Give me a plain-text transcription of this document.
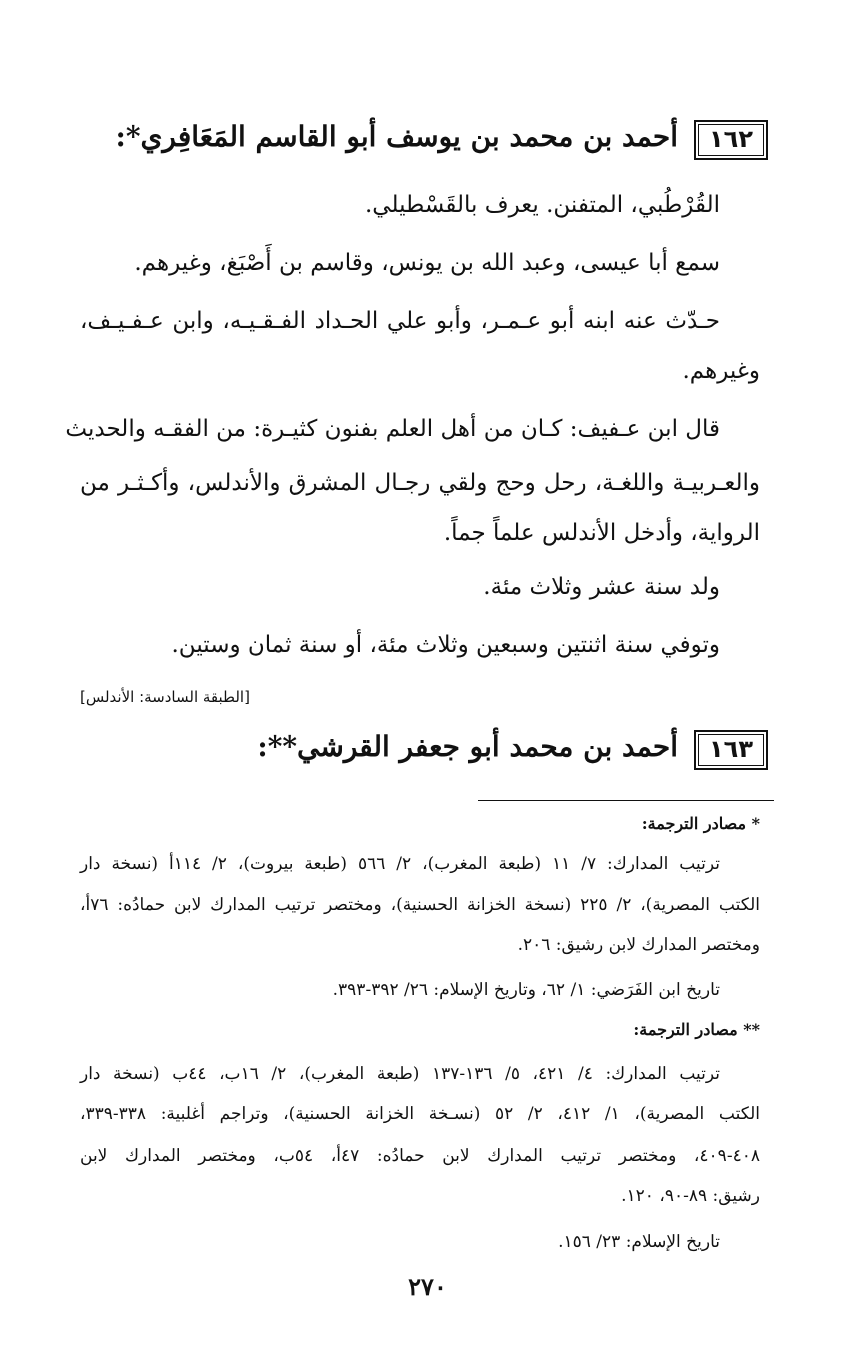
١٦٢
أحمد بن محمد بن يوسف أبو القاسم المَعَافِري*:
القُرْطُبي، المتفنن. يعرف بالقَسْطيلي.
سمع أبا عيسى، وعبد الله بن يونس، وقاسم بن أَصْبَغ، وغيرهم.
حـدّث عنه ابنه أبو عـمـر، وأبو علي الحـداد الفـقـيـه، وابن عـفـيـف،
وغيرهم.
قال ابن عـفيف: كـان من أهل العلم بفنون كثيـرة: من الفقـه والحديث
والعـربيـة واللغـة، رحل وحج ولقي رجـال المشرق والأندلس، وأكـثـر من
الرواية، وأدخل الأندلس علماً جماً.
ولد سنة عشر وثلاث مئة.
وتوفي سنة اثنتين وسبعين وثلاث مئة، أو سنة ثمان وستين.
[الطبقة السادسة: الأندلس]
١٦٣
أحمد بن محمد أبو جعفر القرشي**:
* مصادر الترجمة:
ترتيب المدارك: ٧/ ١١ (طبعة المغرب)، ٢/ ٥٦٦ (طبعة بيروت)، ٢/ ١١٤أ (نسخة دار
الكتب المصرية)، ٢/ ٢٢٥ (نسخة الخزانة الحسنية)، ومختصر ترتيب المدارك لابن حمادُه: ٧٦أ،
ومختصر المدارك لابن رشيق: ٢٠٦.
تاريخ ابن الفَرَضي: ١/ ٦٢، وتاريخ الإسلام: ٢٦/ ٣٩٢-٣٩٣.
** مصادر الترجمة:
ترتيب المدارك: ٤/ ٤٢١، ٥/ ١٣٦-١٣٧ (طبعة المغرب)، ٢/ ١٦ب، ٤٤ب (نسخة دار
الكتب المصرية)، ١/ ٤١٢، ٢/ ٥٢ (نسـخة الخزانة الحسنية)، وتراجم أغلبية: ٣٣٨-٣٣٩،
٤٠٨-٤٠٩، ومختصر ترتيب المدارك لابن حمادُه: ٤٧أ، ٥٤ب، ومختصر المدارك لابن
رشيق: ٨٩-٩٠، ١٢٠.
تاريخ الإسلام: ٢٣/ ١٥٦.
٢٧٠
